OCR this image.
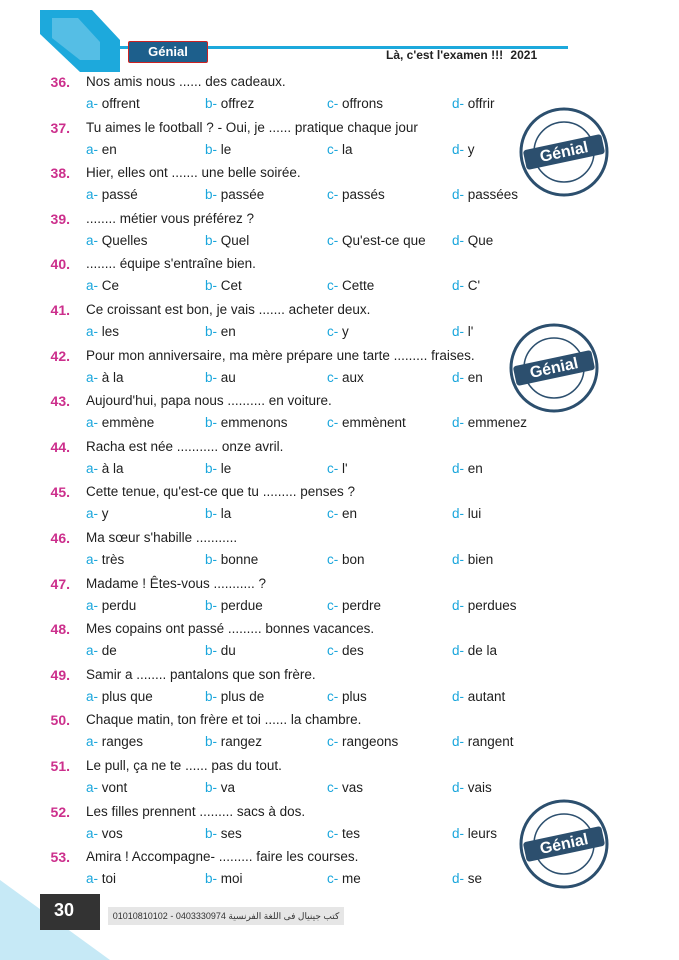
Génial	Là, c'est l'examen !!! 2021
36. Nos amis nous ...... des cadeaux.
a- offrent	b- offrez	c- offrons	d- offrir
37. Tu aimes le football ? - Oui, je ...... pratique chaque jour
a- en	b- le	c- la	d- y
38. Hier, elles ont ....... une belle soirée.
a- passé	b- passée	c- passés	d- passées
39. ........ métier vous préférez ?
a- Quelles	b- Quel	c- Qu'est-ce que d- Que
40. ........ équipe s'entraîne bien.
a- Ce	b- Cet	c- Cette	d- C'
41. Ce croissant est bon, je vais ....... acheter deux.
a- les	b- en	c- y	d- l'
42. Pour mon anniversaire, ma mère prépare une tarte ......... fraises.
a- à la	b- au	c- aux	d- en
43. Aujourd'hui, papa nous .......... en voiture.
a- emmène	b- emmenons	c- emmènent	d- emmenez
44. Racha est née ........... onze avril.
a- à la	b- le	c- l'	d- en
45. Cette tenue, qu'est-ce que tu ......... penses ?
a- y	b- la	c- en	d- lui
46. Ma sœur s'habille ...........
a- très	b- bonne	c- bon	d- bien
47. Madame ! Êtes-vous ........... ?
a- perdu	b- perdue	c- perdre	d- perdues
48. Mes copains ont passé ......... bonnes vacances.
a- de	b- du	c- des	d- de la
49. Samir a ........ pantalons que son frère.
a- plus que	b- plus de	c- plus	d- autant
50. Chaque matin, ton frère et toi ...... la chambre.
a- ranges	b- rangez	c- rangeons	d- rangent
51. Le pull, ça ne te ...... pas du tout.
a- vont	b- va	c- vas	d- vais
52. Les filles prennent ......... sacs à dos.
a- vos	b- ses	c- tes	d- leurs
53. Amira ! Accompagne- ......... faire les courses.
a- toi	b- moi	c- me	d- se
Génial
Génial
Génial
30	كتب جينيال فى اللغة الفرنسية 0403330974 - 01010810102
